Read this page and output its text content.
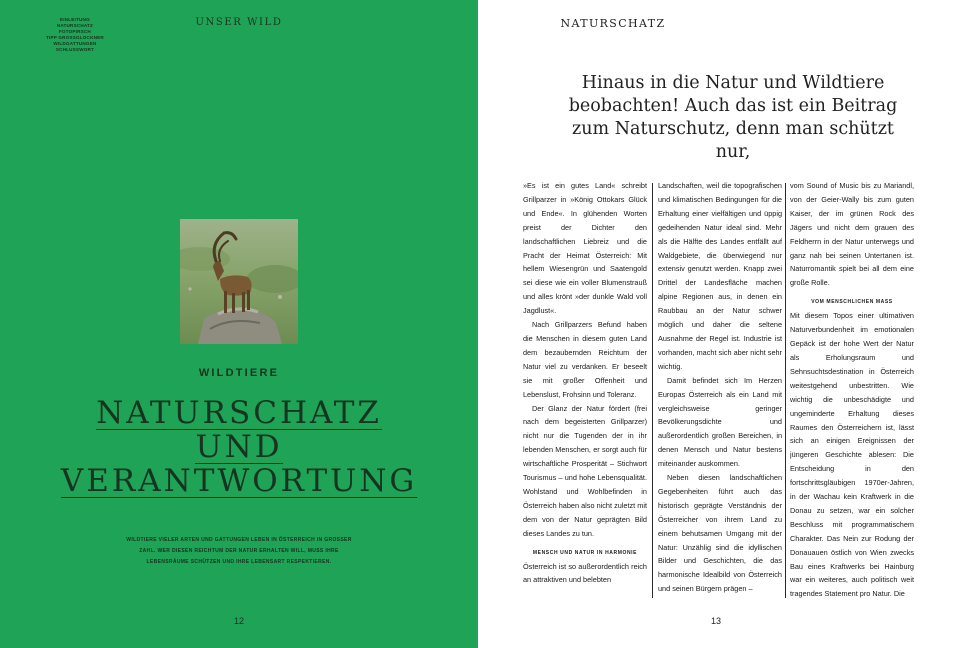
EINLEITUNG
NATURSCHATZ
FOTOPIRSCH
TIPP GROSSGLOCKNER
WILDGATTUNGEN
SCHLUSSWORT
UNSER WILD
WILDTIERE
NATURSCHATZ
UND
VERANTWORTUNG
WILDTIERE VIELER ARTEN UND GATTUNGEN LEBEN IN ÖSTERREICH IN GROSSER ZAHL. WER DIESEN REICHTUM DER NATUR ERHALTEN WILL, MUSS IHRE LEBENSRÄUME SCHÜTZEN UND IHRE LEBENSART RESPEKTIEREN.
12
NATURSCHATZ
Hinaus in die Natur und Wildtiere beobachten! Auch das ist ein Beitrag zum Naturschutz, denn man schützt nur,

»Es ist ein gutes Land« schreibt Grillparzer in »König Ottokars Glück und Ende«. In glühenden Worten preist der Dichter den landschaftlichen Liebreiz und die Pracht der Heimat Österreich: Mit hellem Wiesengrün und Saatengold sei diese wie ein voller Blumenstrauß und alles krönt »der dunkle Wald voll Jagdlust«.

Nach Grillparzers Befund haben die Menschen in diesem guten Land dem bezaubernden Reichtum der Natur viel zu verdanken. Er beseelt sie mit großer Offenheit und Lebenslust, Frohsinn und Toleranz.

Der Glanz der Natur fördert (frei nach dem begeisterten Grillparzer) nicht nur die Tugenden der in ihr lebenden Menschen, er sorgt auch für wirtschaftliche Prosperität – Stichwort Tourismus – und hohe Lebensqualität. Wohlstand und Wohlbefinden in Österreich haben also nicht zuletzt mit dem von der Natur geprägten Bild dieses Landes zu tun.

MENSCH UND NATUR IN HARMONIE

Österreich ist so außerordentlich reich an attraktiven und belebten

Landschaften, weil die topografischen und klimatischen Bedingungen für die Erhaltung einer vielfältigen und üppig gedeihenden Natur ideal sind. Mehr als die Hälfte des Landes entfällt auf Waldgebiete, die überwiegend nur extensiv genutzt werden. Knapp zwei Drittel der Landesfläche machen alpine Regionen aus, in denen ein Raubbau an der Natur schwer möglich und daher die seltene Ausnahme der Regel ist. Industrie ist vorhanden, macht sich aber nicht sehr wichtig.

Damit befindet sich Im Herzen Europas Österreich als ein Land mit vergleichsweise geringer Bevölkerungsdichte und außerordentlich großen Bereichen, in denen Mensch und Natur bestens miteinander auskommen.

Neben diesen landschaftlichen Gegebenheiten führt auch das historisch geprägte Verständnis der Österreicher von ihrem Land zu einem behutsamen Umgang mit der Natur: Unzählig sind die idyllischen Bilder und Geschichten, die das harmonische Idealbild von Österreich und seinen Bürgern prägen –

vom Sound of Music bis zu Mariandl, von der Geier-Wally bis zum guten Kaiser, der im grünen Rock des Jägers und nicht dem grauen des Feldherrn in der Natur unterwegs und ganz nah bei seinen Untertanen ist. Naturromantik spielt bei all dem eine große Rolle.

VOM MENSCHLICHEN MASS

Mit diesem Topos einer ultimativen Naturverbundenheit im emotionalen Gepäck ist der hohe Wert der Natur als Erholungsraum und Sehnsuchtsdestination in Österreich weitestgehend unbestritten. Wie wichtig die unbeschädigte und ungeminderte Erhaltung dieses Raumes den Österreichern ist, lässt sich an einigen Ereignissen der jüngeren Geschichte ablesen: Die Entscheidung in den fortschrittsgläubigen 1970er-Jahren, in der Wachau kein Kraftwerk in die Donau zu setzen, war ein solcher Beschluss mit programmatischem Charakter. Das Nein zur Rodung der Donauauen östlich von Wien zwecks Bau eines Kraftwerks bei Hainburg war ein weiteres, auch politisch weit tragendes Statement pro Natur. Die

13
